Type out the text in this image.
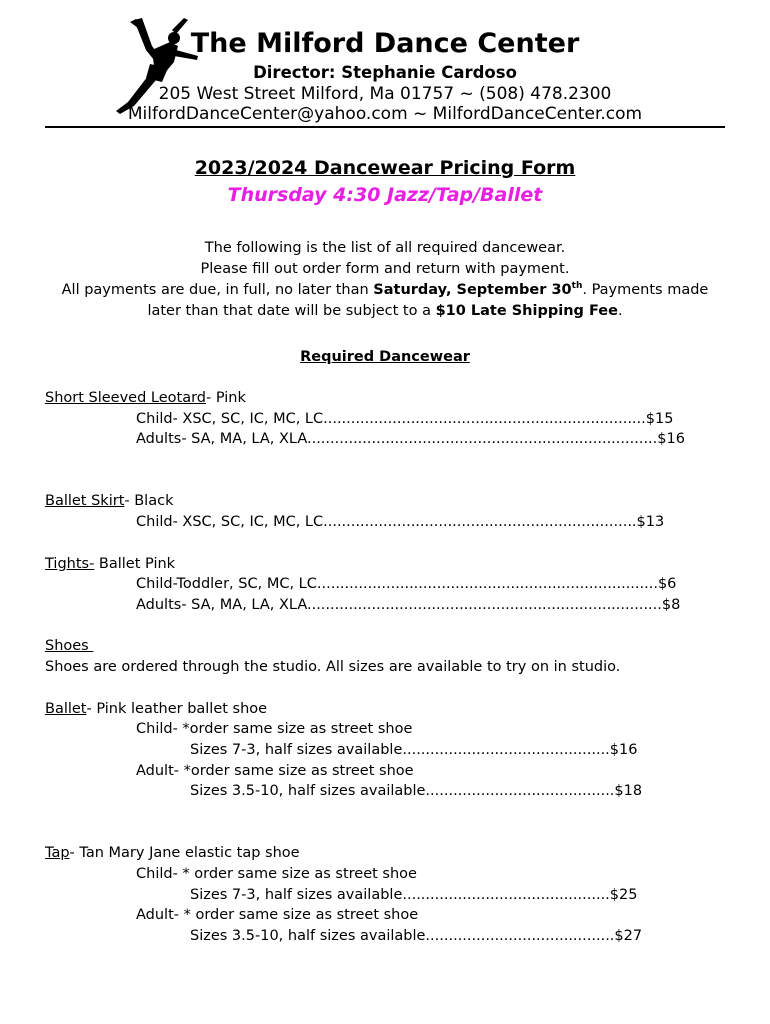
The Milford Dance Center
Director: Stephanie Cardoso
205 West Street Milford, Ma 01757 ~ (508) 478.2300
MilfordDanceCenter@yahoo.com ~ MilfordDanceCenter.com
2023/2024 Dancewear Pricing Form
Thursday 4:30 Jazz/Tap/Ballet
The following is the list of all required dancewear.
Please fill out order form and return with payment.
All payments are due, in full, no later than Saturday, September 30th. Payments made
later than that date will be subject to a $10 Late Shipping Fee.
Required Dancewear
Short Sleeved Leotard- Pink
Child- XSC, SC, IC, MC, LC......................................................................$15
Adults- SA, MA, LA, XLA............................................................................$16
Ballet Skirt- Black
Child- XSC, SC, IC, MC, LC....................................................................$13
Tights- Ballet Pink
Child-Toddler, SC, MC, LC..........................................................................$6
Adults- SA, MA, LA, XLA.............................................................................$8
Shoes
Shoes are ordered through the studio. All sizes are available to try on in studio.
Ballet- Pink leather ballet shoe
Child- *order same size as street shoe
Sizes 7-3, half sizes available.............................................$16
Adult- *order same size as street shoe
Sizes 3.5-10, half sizes available.........................................$18
Tap- Tan Mary Jane elastic tap shoe
Child- * order same size as street shoe
Sizes 7-3, half sizes available.............................................$25
Adult- * order same size as street shoe
Sizes 3.5-10, half sizes available.........................................$27
